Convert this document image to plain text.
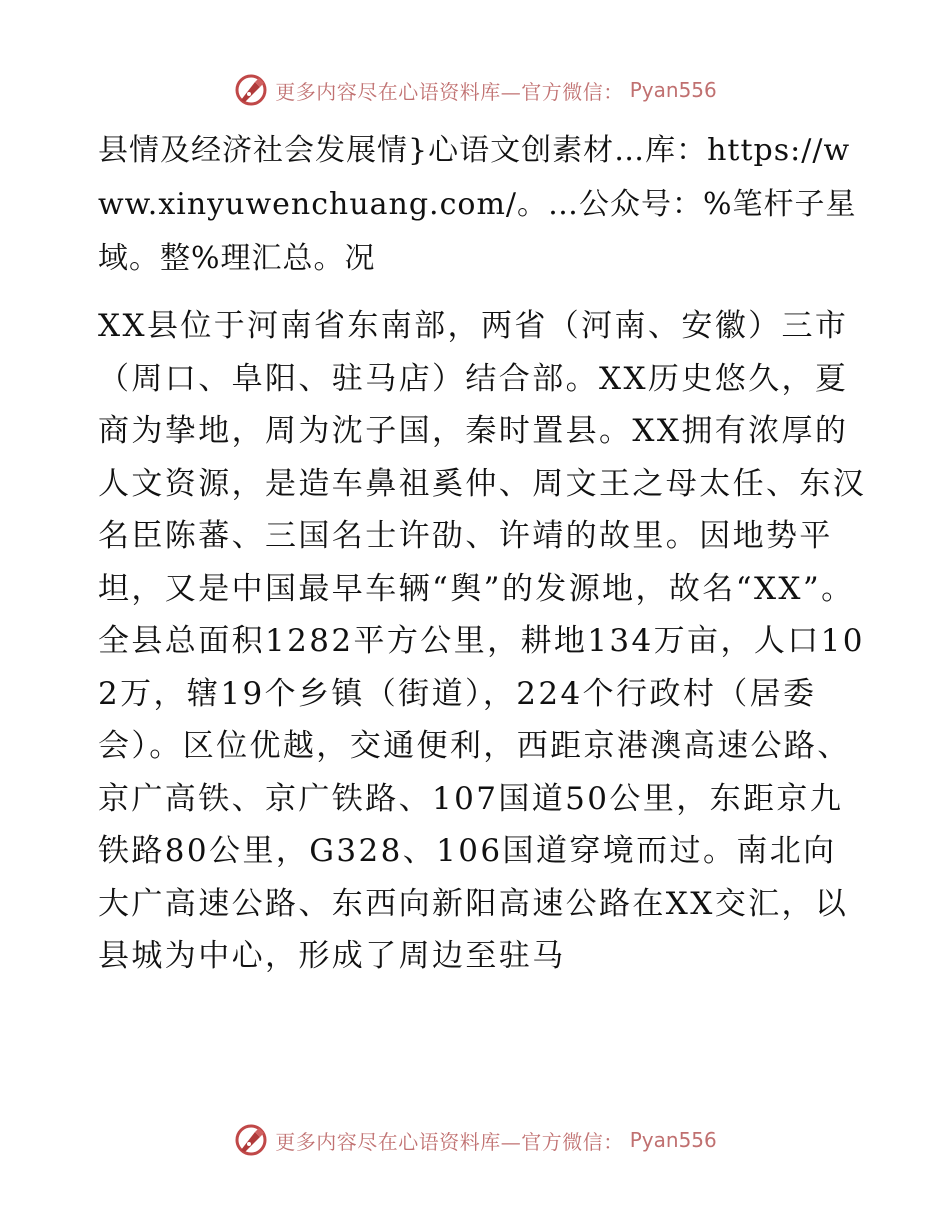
更多内容尽在心语资料库—官方微信： Pyan556

县情及经济社会发展情}心语文创素材…库：https://www.xinyuwenchuang.com/。…公众号：%笔杆子星域。整%理汇总。况

XX县位于河南省东南部，两省（河南、安徽）三市（周口、阜阳、驻马店）结合部。XX历史悠久，夏商为挚地，周为沈子国，秦时置县。XX拥有浓厚的人文资源，是造车鼻祖奚仲、周文王之母太任、东汉名臣陈蕃、三国名士许劭、许靖的故里。因地势平坦，又是中国最早车辆“舆”的发源地，故名“XX”。全县总面积1282平方公里，耕地134万亩，人口102万，辖19个乡镇（街道），224个行政村（居委会）。区位优越，交通便利，西距京港澳高速公路、京广高铁、京广铁路、107国道50公里，东距京九铁路80公里，G328、106国道穿境而过。南北向大广高速公路、东西向新阳高速公路在XX交汇，以县城为中心，形成了周边至驻马

更多内容尽在心语资料库—官方微信： Pyan556
